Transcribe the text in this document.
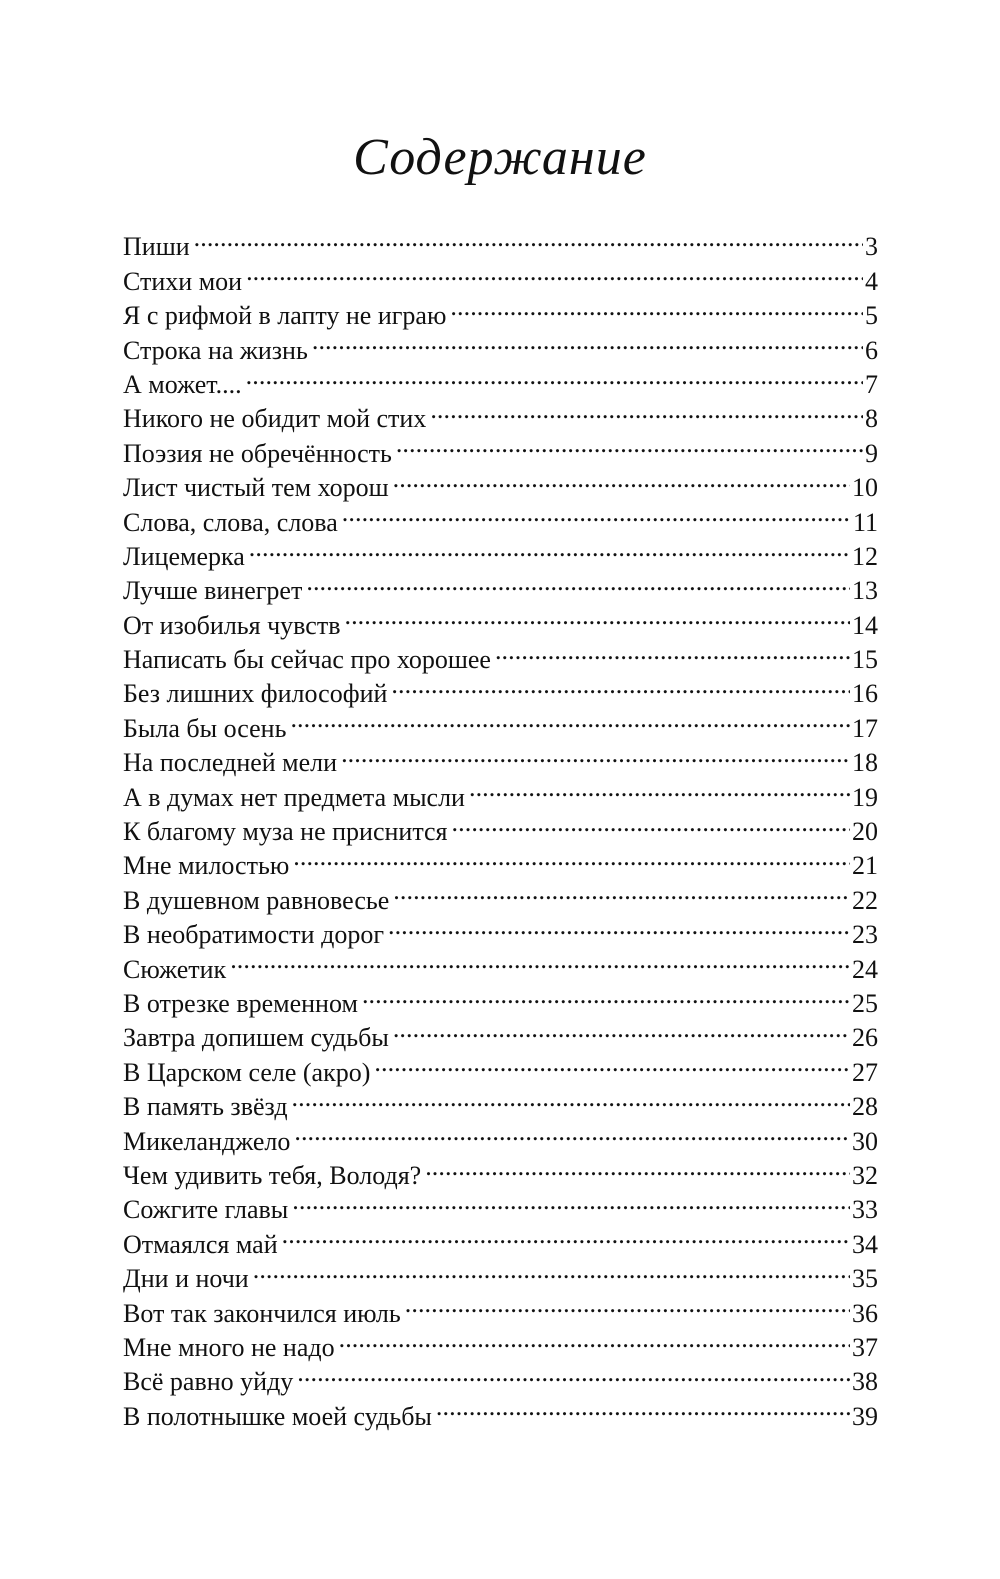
Содержание
Пиши . . .	3
Стихи мои . . .	4
Я с рифмой в лапту не играю . . .	5
Строка на жизнь . . .	6
А может.... . . .	7
Никого не обидит мой стих . . .	8
Поэзия не обречённость . . .	9
Лист чистый тем хорош . . .	10
Слова, слова, слова . . .	11
Лицемерка . . .	12
Лучше винегрет . . .	13
От изобилья чувств . . .	14
Написать бы сейчас про хорошее . . .	15
Без лишних философий . . .	16
Была бы осень . . .	17
На последней мели . . .	18
А в думах нет предмета мысли . . .	19
К благому муза не приснится . . .	20
Мне милостью . . .	21
В душевном равновесье . . .	22
В необратимости дорог . . .	23
Сюжетик . . .	24
В отрезке временном . . .	25
Завтра допишем судьбы . . .	26
В Царском селе (акро) . . .	27
В память звёзд . . .	28
Микеланджело . . .	30
Чем удивить тебя, Володя? . . .	32
Сожгите главы . . .	33
Отмаялся май . . .	34
Дни и ночи . . .	35
Вот так закончился июль . . .	36
Мне много не надо . . .	37
Всё равно уйду . . .	38
В полотнышке моей судьбы . . .	39
